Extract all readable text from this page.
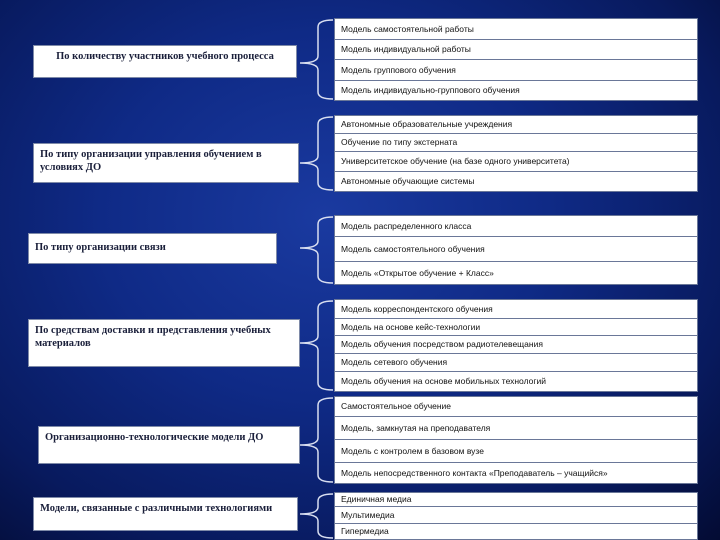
По количеству участников учебного процесса
Модель самостоятельной работы
Модель индивидуальной работы
Модель группового обучения
Модель индивидуально-группового обучения
По типу организации управления обучением в условиях ДО
Автономные образовательные учреждения
Обучение по типу экстерната
Университетское обучение (на базе одного университета)
Автономные обучающие системы
По типу организации связи
Модель распределенного класса
Модель самостоятельного обучения
Модель «Открытое обучение + Класс»
По средствам доставки и представления учебных материалов
Модель корреспондентского обучения
Модель на основе кейс-технологии
Модель обучения посредством радиотелевещания
Модель сетевого обучения
Модель обучения на основе мобильных технологий
Организационно-технологические модели ДО
Самостоятельное обучение
Модель, замкнутая на преподавателя
Модель с контролем в базовом вузе
Модель непосредственного контакта «Преподаватель – учащийся»
Модели, связанные с различными технологиями
Единичная медиа
Мультимедиа
Гипермедиа
